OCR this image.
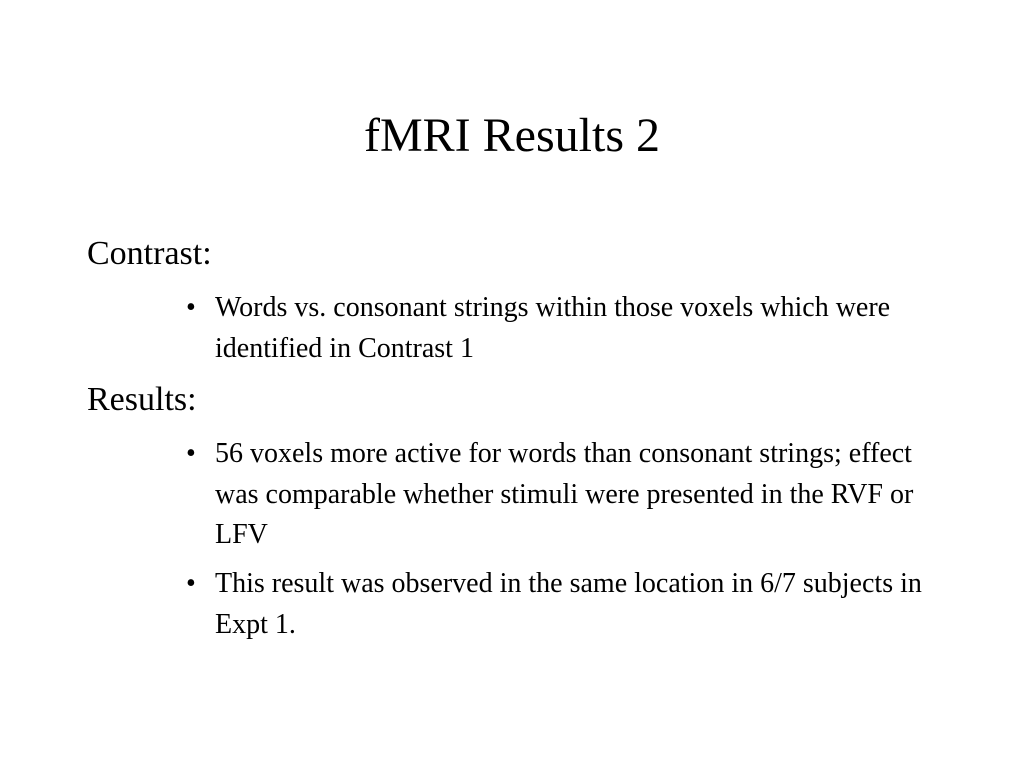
fMRI Results 2
Contrast:
• Words vs. consonant strings within those voxels which were identified in Contrast 1
Results:
• 56 voxels more active for words than consonant strings; effect was comparable whether stimuli were presented in the RVF or LFV
• This result was observed in the same location in 6/7 subjects in Expt 1.
